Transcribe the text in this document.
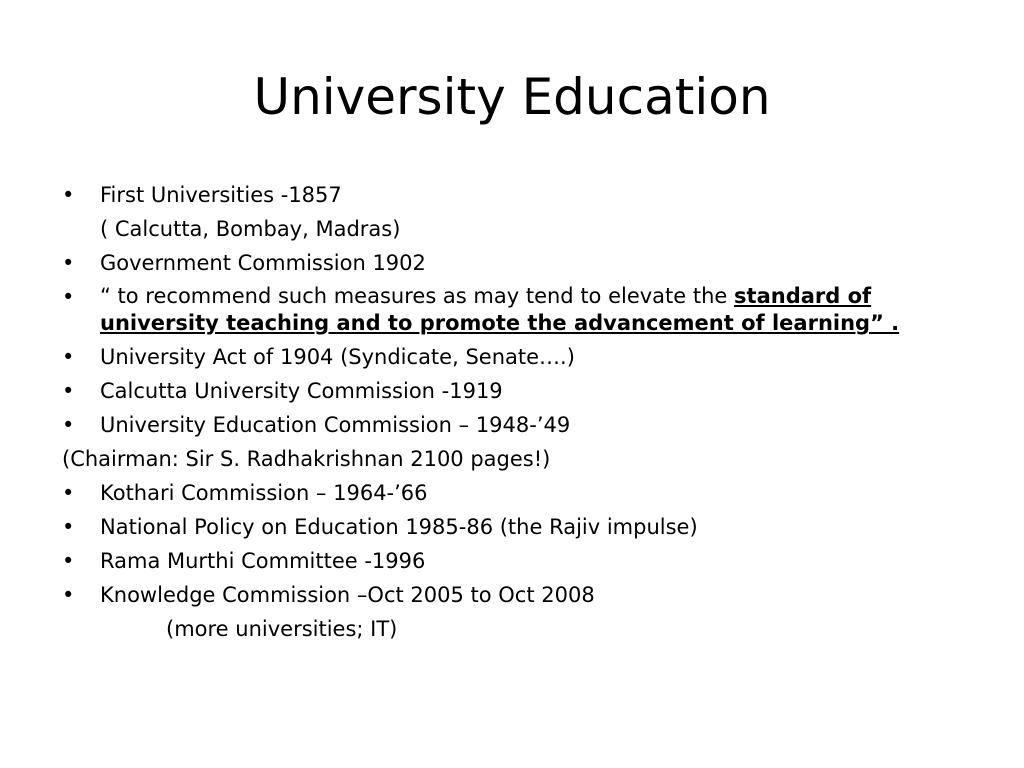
University Education
• First Universities -1857
( Calcutta, Bombay, Madras)
• Government Commission 1902
• “ to recommend such measures as may tend to elevate the standard of university teaching and to promote the advancement of learning” .
• University Act of 1904 (Syndicate, Senate….)
• Calcutta University Commission -1919
• University Education Commission – 1948-’49
(Chairman: Sir S. Radhakrishnan 2100 pages!)
• Kothari Commission – 1964-’66
• National Policy on Education 1985-86 (the Rajiv impulse)
• Rama Murthi Committee -1996
• Knowledge Commission –Oct 2005 to Oct 2008
(more universities; IT)
